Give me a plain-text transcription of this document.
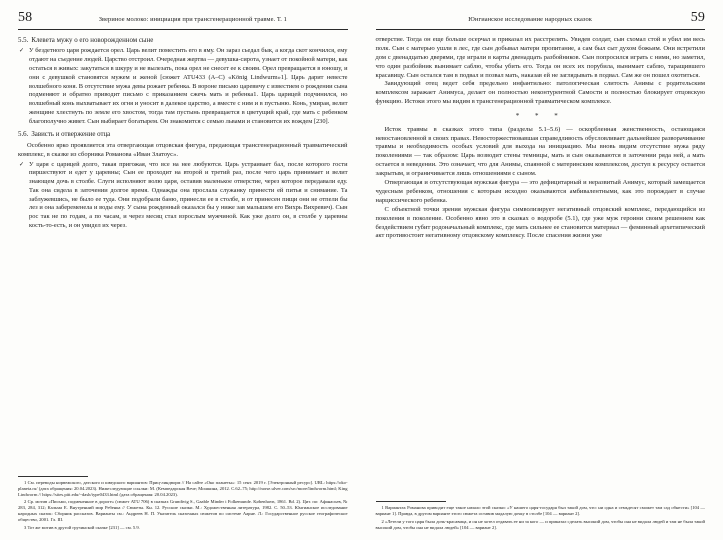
58	Звериное молоко: инициация при трансгенерационной травме. Т. 1
5.5. Клевета мужу о его новорожденном сыне
✓ У бездетного царя рождается орел. Царь велит поместить его в яму. Он зараз сьедал бык, а когда скот кончился, ему отдают на съедение людей. Царство отстроил. Очередная жертва — девушка-сирота, узнает от покойной матери, как остаться в живых: закутаться в шкуру и не вылезать, пока орел не снесет ее к своим. Орел превращается в юношу, и они с девушкой становятся мужем и женой [сюжет ATU433 (А–С) «König Lindwurm»1]. Царь дарит невесте волшебного коня. В отсутствие мужа девы рожает ребенка. В вороне письмо царевичу с известием о рождении сына подменяют и обратно приводит письмо с приказанием сжечь мать и ребенка1. Царь царицей подчинился, но волшебный конь выхватывает их огня и уносит в далекое царство, а вместе с ним и в пустыню. Конь, умирая, велит женщине хлестнуть по земле его хвостом, тогда там пустынь превращается в цветущий край, где мать с ребенком благополучно живет. Сын выбирает богатырем. Он знакомится с семью львами и становится их вождем [230].
5.6. Зависть и отвержение отца

Особенно ярко проявляется эта отвергающая отцовская фигура, предающая трансгенерационный травматический комплекс, в сказке из сборника Романова «Иван Златоус».

✓ У царя с царицей долго, такая пригожая, что все на нее любуются. Царь устраивает бал, после которого гости пиршествуют и едет у царевны; Сын ее проходит на второй и третий раз, после чего царь принимает и велит знающем дочь в столбе. Слуги исполняют волю царя, оставив маленькое отверстие, через которое передавали еду. Так она сидела в заточении долгое время. Однажды она прослала служанку принести ей питья и снимание. Та заблужевшись, не было ее туда. Они подобрали баню, принесли ее в столбе, и от принесен пищи они не отпели бы лез и она забеременела и воды ему. У сына рожденный оказался бы у ниже зав малышем его Вихрь Вихревич). Сын рос так не по годам, а по часам, и через месяц стал взрослым мужчиной. Как уже долго он, в столбе у царевны кость-то-есть, и он увидел их через.
1 См. переводы норвежского, датского и шведского вариантов: Приц-линдворм // На сайте «Око планеты»: 15 сент. 2019 г. [Электронный ресурс]. URL: https://oko-planeta.ru/ (дата обращения: 20.04.2023). Нижеследующие ссылки: M. (Кемпедарская Вече; Мошкина, 2012. С.62–75; http://norse.ulver.com/src/more/lindworm.html; King Lindworm // https://sites.pitt.edu/~dash/type0433.html (дата обращения: 20.04.2023).
2 Ср. мотив «Письмо, подмененное в дороге» (сюжет ATU 706) в сказках Grundtvig S., Gaable Minder i Folkemunde. København, 1861. Bd. 2). Цит. по: Афанасьев, № 283, 284, 312; Кальма Е. Внутренний мир Ребенка // Сюжеты. Кн. 12. Русские сказки. М.: Художественная литература, 1982. С. 50–53. Юнгианское исследование народных сказок: Сборник рассказов. Варианты см.: Андреев Н. П. Указатель сказочных сюжетов по системе Аарне. Л.: Государственное русское географическое общество, 2001. Гл. III.
3 Тот же мотив в другой грузинской сказке [231] — см. 5.9.
Юнгианское исследование народных сказок	59

отверстие. Тогда он еще больше осерчал и приказал их расстрелять. Увидев солдат, сын схомал стой и убил им весь полк. Сын с матерью ушли в лес, где сын добывал матери пропитание, а сам был сыт духом божьим. Они встретили дом с двенадцатью дверями, где играли в карты двенадцать разбойников. Сын попросился играть с ними, но заметил, что один разбойник вынимает саблю, чтобы убить его. Тогда он всех их порубила, вынимает саблю, таращившего красавицу. Сын остался там в подвал и позвал мать, наказав ей не заглядывать в подвал. Сам же он пошел охотиться.

Завидующий отец ведет себя предельно инфантильно: патологическая слитость Анимы с родительским комплексом заражает Анимуса, делает он полностью неконтурентной Самости и полностью блокирует отцовскую функцию. Истоки этого мы видим в трансгенерационной травматическом комплексе.

* * *

Исток травмы в сказках этого типа (разделы 5.1–5.6) — оскорбленная женственность, остающаяся невостановленной в своих правах. Невосторжествовавшая справедливость обусловливает дальнейшее разворачивание травмы и необходимость особых условий для выхода на инициацию. Мы вновь видим отсутствие мужа ряду поколениями — так образом: Царь возводит стены темницы, мать и сын оказываются в заточении ряда ней, а мать остается в неведении. Это означает, что для Анимы, спаянной с материнским комплексом, доступ к ресурсу остается закрытым, и ограничивается лишь отношениями с сыном.

Отвергающая и отсутствующая мужская фигура — это дефицитарный и неразвитый Анимус, который замещается чудесным ребенком, отношения с которым исходно оказываются амбивалентными, как это порождает в случае нарциссического ребенка.

С объектной точки зрения мужская фигура символизирует негативный отцовский комплекс, передающийся из поколения в поколение. Особенно явно это в сказках о водоробе (5.1), где уже муж героини своим решением как бездействием губит родоначальный комплекс, где мать сильнее ее становится материал — феминный архетипический акт противостоит негативному отцовскому комплексу. После спасения жизни уже

1 Вариантах Романова приводит еще такое начало этой сказки: «У нашего царя-государя был такой дом, что: ни одна и семьдесят сможет там сад обнести» [104 — вариант 1]. Правда, в другом варианте этого сюжета оставив мадалую дочку в столбе [104 — вариант 2].
2 «Летели у того царя была дочь-красавица, и он не хотел отдавать ее ни за кого — и приказал сделать высокий дом, чтобы она не видала людей и там не была такой высокий дом, чтобы она не видала людей» [104 — вариант 2].
